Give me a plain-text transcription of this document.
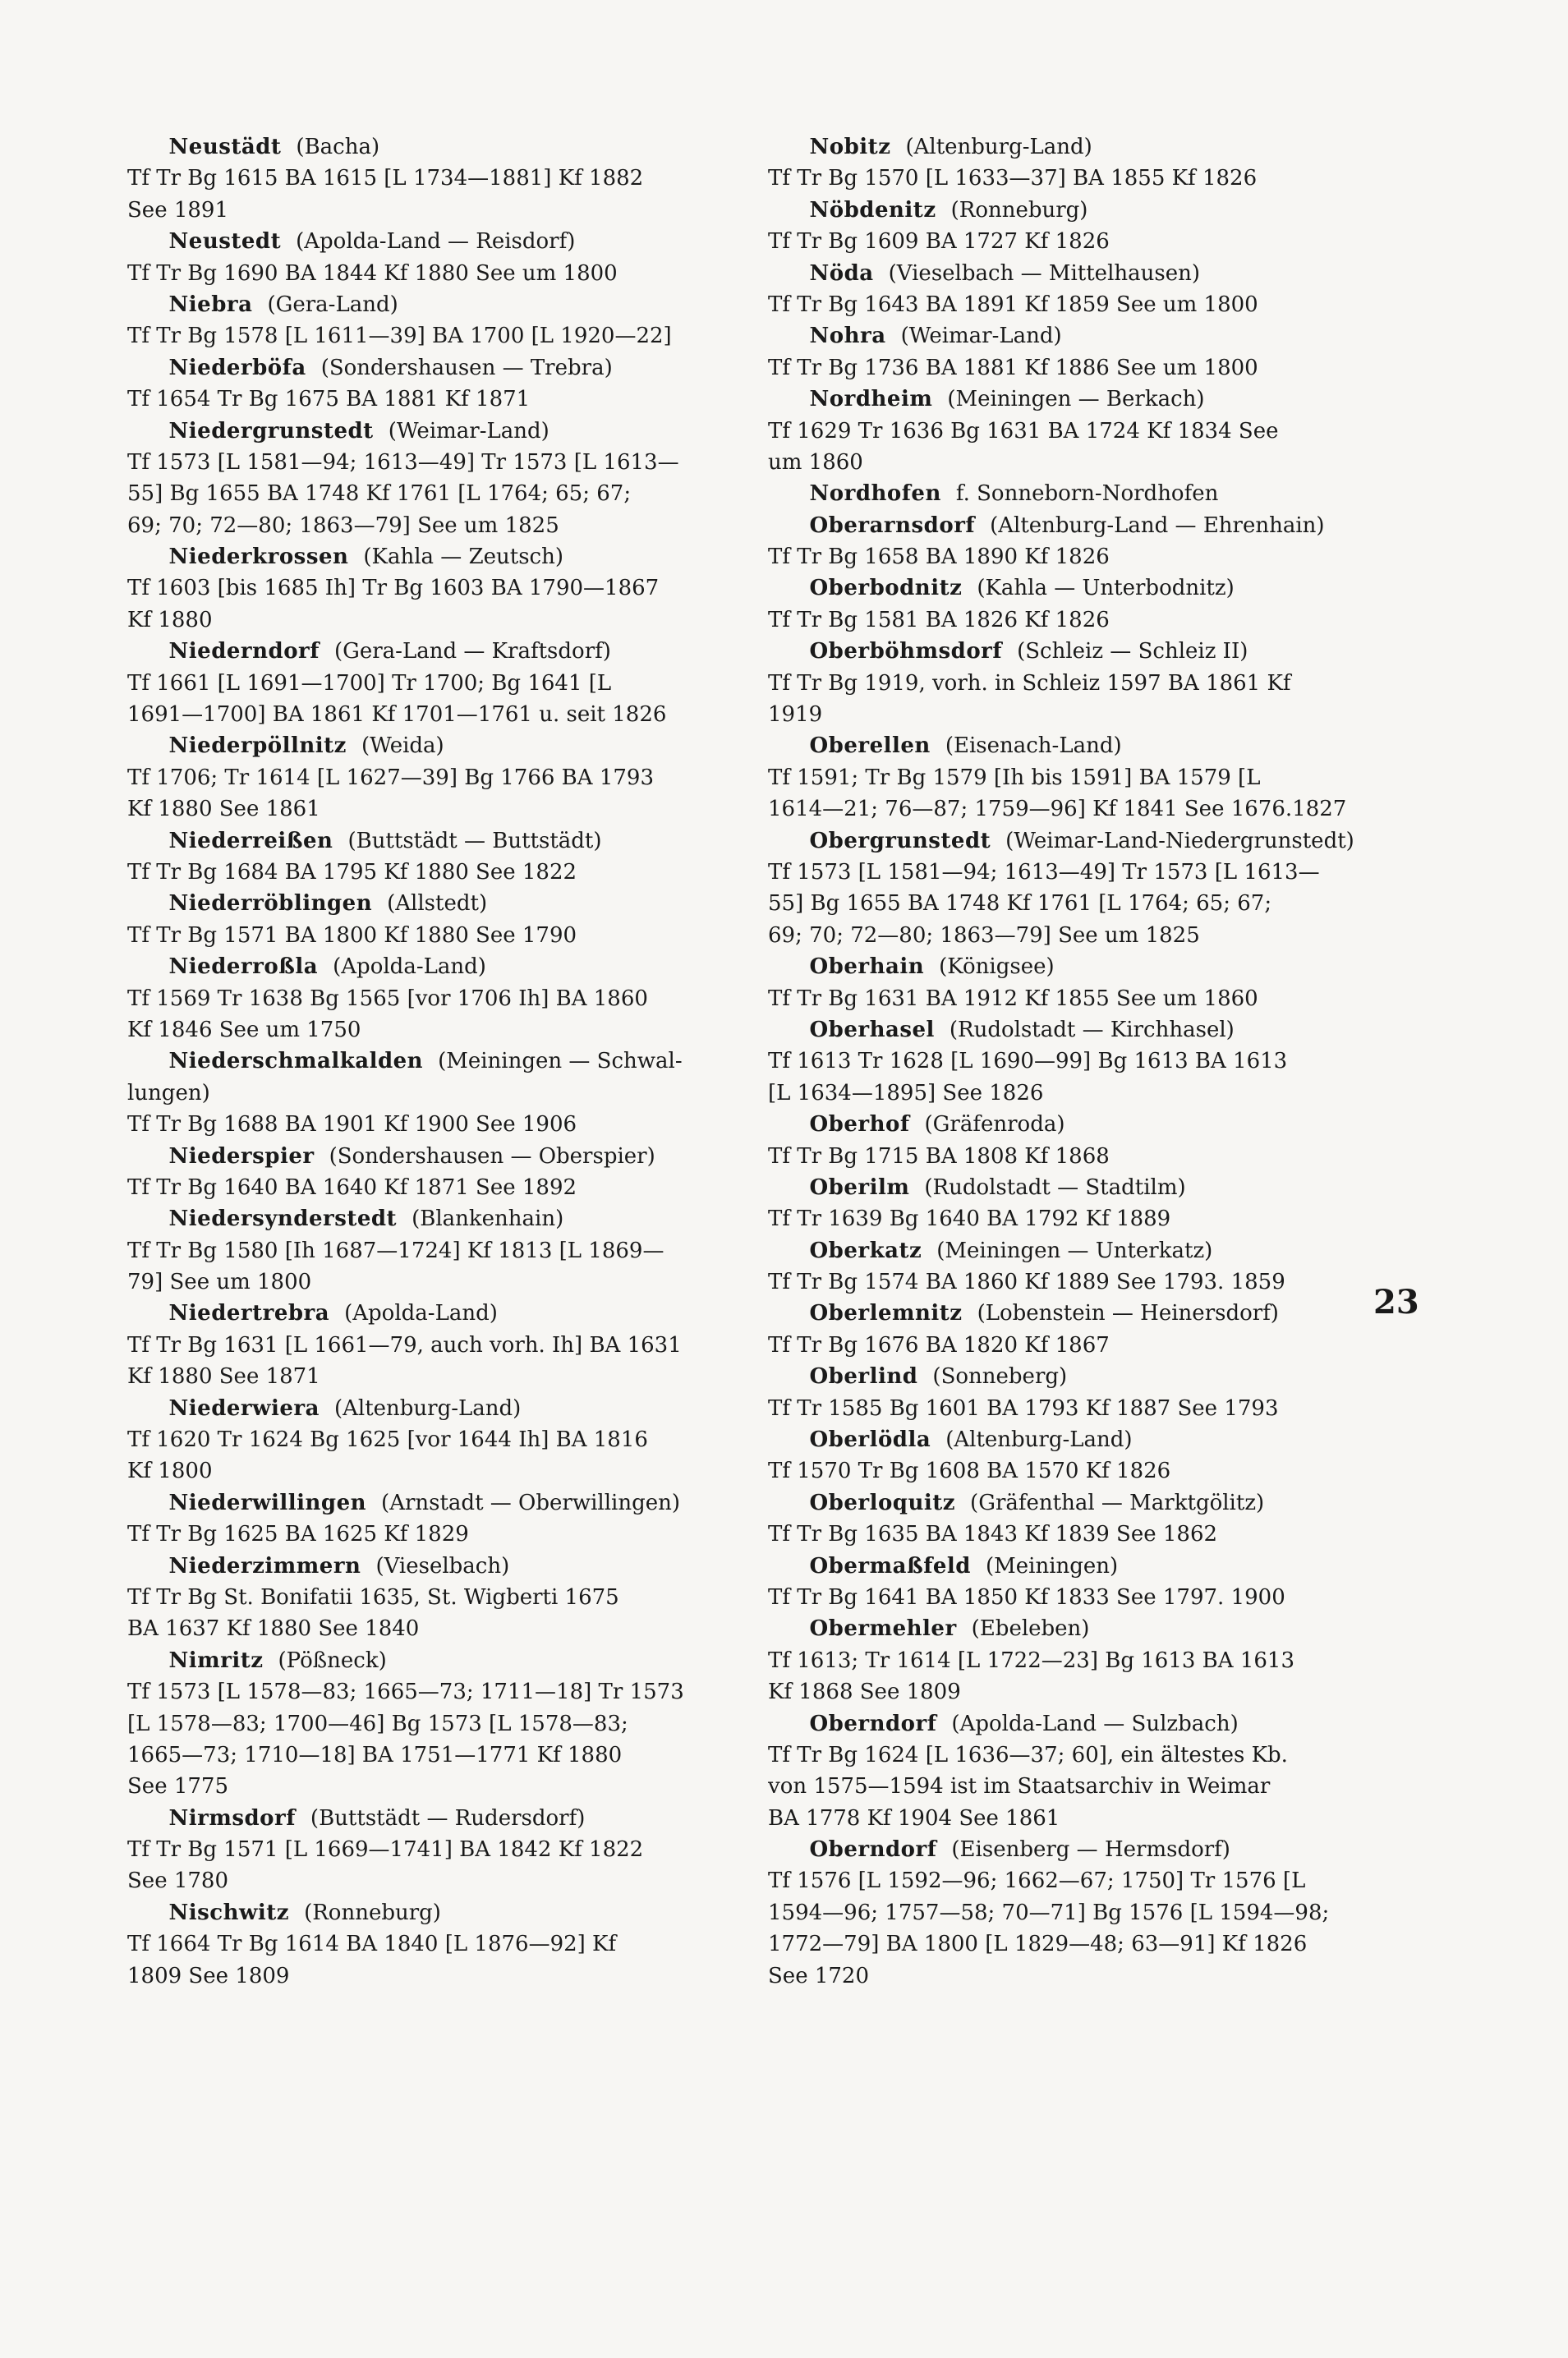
Neustädt (Bacha)
Tf Tr Bg 1615 BA 1615 [L 1734—1881] Kf 1882
See 1891
Neustedt (Apolda-Land — Reisdorf)
Tf Tr Bg 1690 BA 1844 Kf 1880 See um 1800
Niebra (Gera-Land)
Tf Tr Bg 1578 [L 1611—39] BA 1700 [L 1920—22]
Niederböfa (Sondershausen — Trebra)
Tf 1654 Tr Bg 1675 BA 1881 Kf 1871
Niedergrunstedt (Weimar-Land)
Tf 1573 [L 1581—94; 1613—49] Tr 1573 [L 1613—
55] Bg 1655 BA 1748 Kf 1761 [L 1764; 65; 67;
69; 70; 72—80; 1863—79] See um 1825
Niederkrossen (Kahla — Zeutsch)
Tf 1603 [bis 1685 Ih] Tr Bg 1603 BA 1790—1867
Kf 1880
Niederndorf (Gera-Land — Kraftsdorf)
Tf 1661 [L 1691—1700] Tr 1700; Bg 1641 [L
1691—1700] BA 1861 Kf 1701—1761 u. seit 1826
Niederpöllnitz (Weida)
Tf 1706; Tr 1614 [L 1627—39] Bg 1766 BA 1793
Kf 1880 See 1861
Niederreißen (Buttstädt — Buttstädt)
Tf Tr Bg 1684 BA 1795 Kf 1880 See 1822
Niederröblingen (Allstedt)
Tf Tr Bg 1571 BA 1800 Kf 1880 See 1790
Niederroßla (Apolda-Land)
Tf 1569 Tr 1638 Bg 1565 [vor 1706 Ih] BA 1860
Kf 1846 See um 1750
Niederschmalkalden (Meiningen — Schwal-
lungen)
Tf Tr Bg 1688 BA 1901 Kf 1900 See 1906
Niederspier (Sondershausen — Oberspier)
Tf Tr Bg 1640 BA 1640 Kf 1871 See 1892
Niedersynderstedt (Blankenhain)
Tf Tr Bg 1580 [Ih 1687—1724] Kf 1813 [L 1869—
79] See um 1800
Niedertrebra (Apolda-Land)
Tf Tr Bg 1631 [L 1661—79, auch vorh. Ih] BA 1631
Kf 1880 See 1871
Niederwiera (Altenburg-Land)
Tf 1620 Tr 1624 Bg 1625 [vor 1644 Ih] BA 1816
Kf 1800
Niederwillingen (Arnstadt — Oberwillingen)
Tf Tr Bg 1625 BA 1625 Kf 1829
Niederzimmern (Vieselbach)
Tf Tr Bg St. Bonifatii 1635, St. Wigberti 1675
BA 1637 Kf 1880 See 1840
Nimritz (Pößneck)
Tf 1573 [L 1578—83; 1665—73; 1711—18] Tr 1573
[L 1578—83; 1700—46] Bg 1573 [L 1578—83;
1665—73; 1710—18] BA 1751—1771 Kf 1880
See 1775
Nirmsdorf (Buttstädt — Rudersdorf)
Tf Tr Bg 1571 [L 1669—1741] BA 1842 Kf 1822
See 1780
Nischwitz (Ronneburg)
Tf 1664 Tr Bg 1614 BA 1840 [L 1876—92] Kf
1809 See 1809
Nobitz (Altenburg-Land)
Tf Tr Bg 1570 [L 1633—37] BA 1855 Kf 1826
Nöbdenitz (Ronneburg)
Tf Tr Bg 1609 BA 1727 Kf 1826
Nöda (Vieselbach — Mittelhausen)
Tf Tr Bg 1643 BA 1891 Kf 1859 See um 1800
Nohra (Weimar-Land)
Tf Tr Bg 1736 BA 1881 Kf 1886 See um 1800
Nordheim (Meiningen — Berkach)
Tf 1629 Tr 1636 Bg 1631 BA 1724 Kf 1834 See
um 1860
Nordhofen f. Sonneborn-Nordhofen
Oberarnsdorf (Altenburg-Land — Ehrenhain)
Tf Tr Bg 1658 BA 1890 Kf 1826
Oberbodnitz (Kahla — Unterbodnitz)
Tf Tr Bg 1581 BA 1826 Kf 1826
Oberböhmsdorf (Schleiz — Schleiz II)
Tf Tr Bg 1919, vorh. in Schleiz 1597 BA 1861 Kf
1919
Oberellen (Eisenach-Land)
Tf 1591; Tr Bg 1579 [Ih bis 1591] BA 1579 [L
1614—21; 76—87; 1759—96] Kf 1841 See 1676.1827
Obergrunstedt (Weimar-Land-Niedergrunstedt)
Tf 1573 [L 1581—94; 1613—49] Tr 1573 [L 1613—
55] Bg 1655 BA 1748 Kf 1761 [L 1764; 65; 67;
69; 70; 72—80; 1863—79] See um 1825
Oberhain (Königsee)
Tf Tr Bg 1631 BA 1912 Kf 1855 See um 1860
Oberhasel (Rudolstadt — Kirchhasel)
Tf 1613 Tr 1628 [L 1690—99] Bg 1613 BA 1613
[L 1634—1895] See 1826
Oberhof (Gräfenroda)
Tf Tr Bg 1715 BA 1808 Kf 1868
Oberilm (Rudolstadt — Stadtilm)
Tf Tr 1639 Bg 1640 BA 1792 Kf 1889
Oberkatz (Meiningen — Unterkatz)
Tf Tr Bg 1574 BA 1860 Kf 1889 See 1793. 1859
Oberlemnitz (Lobenstein — Heinersdorf)
Tf Tr Bg 1676 BA 1820 Kf 1867
Oberlind (Sonneberg)
Tf Tr 1585 Bg 1601 BA 1793 Kf 1887 See 1793
Oberlödla (Altenburg-Land)
Tf 1570 Tr Bg 1608 BA 1570 Kf 1826
Oberloquitz (Gräfenthal — Marktgölitz)
Tf Tr Bg 1635 BA 1843 Kf 1839 See 1862
Obermaßfeld (Meiningen)
Tf Tr Bg 1641 BA 1850 Kf 1833 See 1797. 1900
Obermehler (Ebeleben)
Tf 1613; Tr 1614 [L 1722—23] Bg 1613 BA 1613
Kf 1868 See 1809
Oberndorf (Apolda-Land — Sulzbach)
Tf Tr Bg 1624 [L 1636—37; 60], ein ältestes Kb.
von 1575—1594 ist im Staatsarchiv in Weimar
BA 1778 Kf 1904 See 1861
Oberndorf (Eisenberg — Hermsdorf)
Tf 1576 [L 1592—96; 1662—67; 1750] Tr 1576 [L
1594—96; 1757—58; 70—71] Bg 1576 [L 1594—98;
1772—79] BA 1800 [L 1829—48; 63—91] Kf 1826
See 1720
23
